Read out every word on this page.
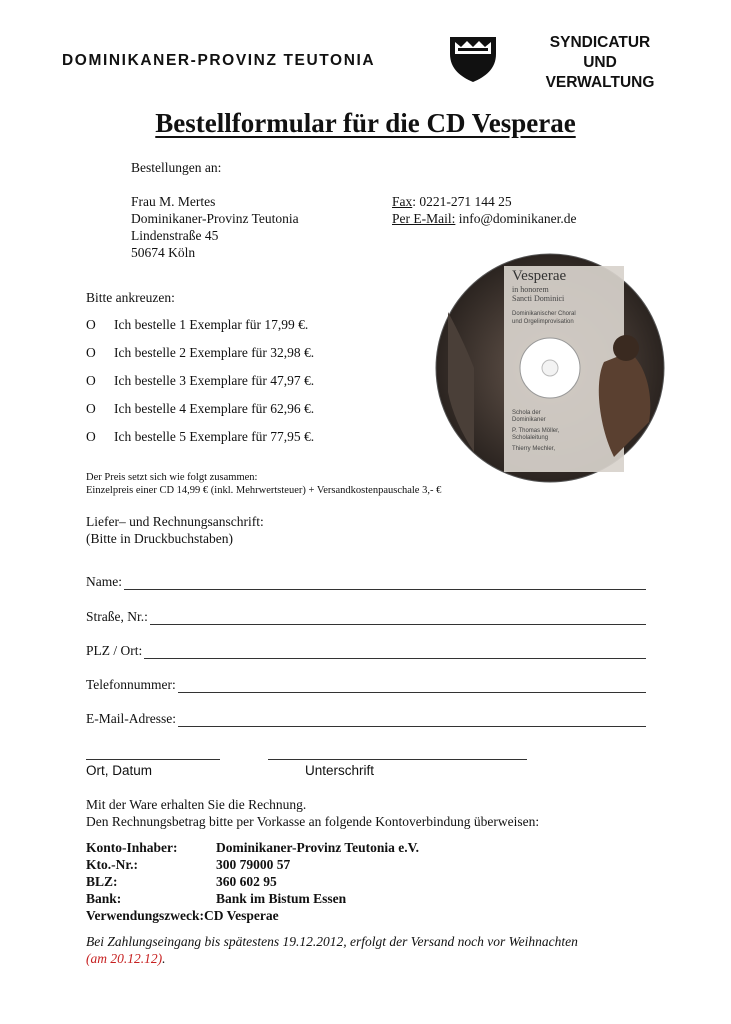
DOMINIKANER-PROVINZ TEUTONIA
SYNDICATUR
UND
VERWALTUNG
Bestellformular für die CD Vesperae
Bestellungen an:
Frau M. Mertes
Dominikaner-Provinz Teutonia
Lindenstraße 45
50674 Köln
Fax: 0221-271 144 25
Per E-Mail: info@dominikaner.de
Bitte ankreuzen:
O Ich bestelle 1 Exemplar für 17,99 €.
O Ich bestelle 2 Exemplare für 32,98 €.
O Ich bestelle 3 Exemplare für 47,97 €.
O Ich bestelle 4 Exemplare für 62,96 €.
O Ich bestelle 5 Exemplare für 77,95 €.
Vesperae
in honorem
Sancti Dominici
Dominikanischer Choral
und Orgelimprovisation
Schola der
Dominikaner
P. Thomas Möller,
Scholaleitung
Thierry Mechler,
Der Preis setzt sich wie folgt zusammen:
Einzelpreis einer CD 14,99 € (inkl. Mehrwertsteuer) + Versandkostenpauschale 3,- €
Liefer– und Rechnungsanschrift:
(Bitte in Druckbuchstaben)
Name:
Straße, Nr.:
PLZ / Ort:
Telefonnummer:
E-Mail-Adresse:
Ort, Datum	Unterschrift
Mit der Ware erhalten Sie die Rechnung.
Den Rechnungsbetrag bitte per Vorkasse an folgende Kontoverbindung überweisen:
Konto-Inhaber:	Dominikaner-Provinz Teutonia e.V.
Kto.-Nr.:	300 79000 57
BLZ:	360 602 95
Bank:	Bank im Bistum Essen
Verwendungszweck: CD Vesperae
Bei Zahlungseingang bis spätestens 19.12.2012, erfolgt der Versand noch vor Weihnachten
(am 20.12.12).
